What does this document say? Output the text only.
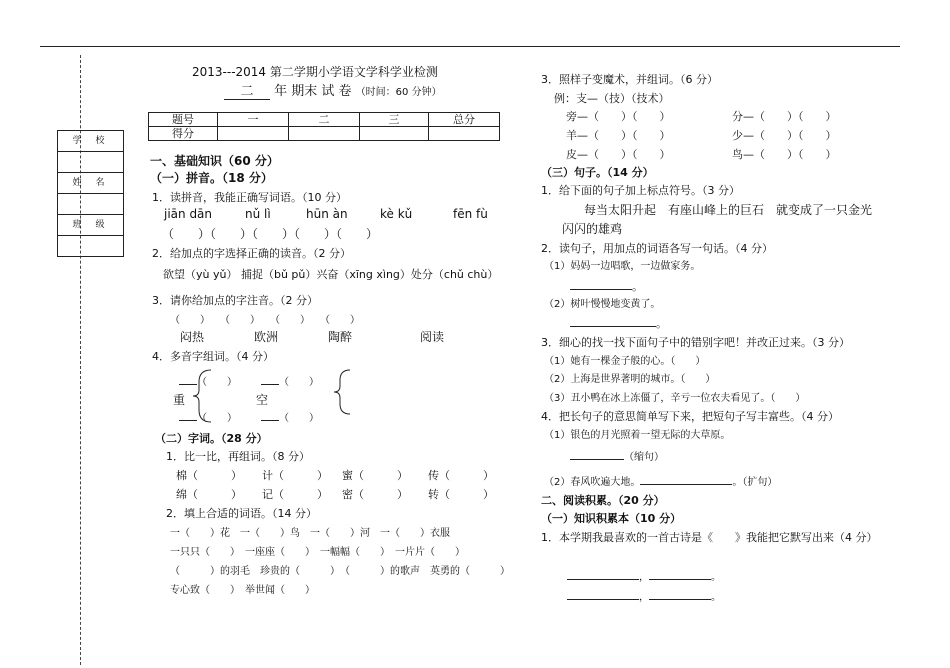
学校
姓名
班级
2013---2014 第二学期小学语文学科学业检测
二 年 期末 试 卷 （时间：60 分钟）
题号	一	二	三	总分
得分				
一、基础知识（60 分）
（一）拼音。（18 分）
1．读拼音，我能正确写词语。（10 分）
jiān dān	nǔ lì	hūn àn	kè kǔ	fēn fù
（　　）（　　）（　　）（　　）（　　）
2．给加点的字选择正确的读音。（2 分）
欲望（yù yǔ） 捕捉（bǔ pǔ）兴奋（xīng xìng）处分（chǔ chù）
3．请你给加点的字注音。（2 分）
（　　）　　（　　）　　（　　）　　（　　）
闷热	欧洲	陶醉	阅读
4．多音字组词。（4 分）
重	空
（　　）
（　　）
（　　）
（　　）
（二）字词。（28 分）
1．比一比，再组词。（8 分）
棉（　　　） 计（　　　） 蜜（　　　） 传（　　　）
绵（　　　） 记（　　　） 密（　　　） 转（　　　）
2．填上合适的词语。（14 分）
一（　　）花　一（　　）鸟　一（　　）河　一（　　）衣服
一只只（　　）　一座座（　　）　一幅幅（　　）　一片片（　　）
（　　　）的羽毛　珍贵的（　　　）　（　　　）的歌声　英勇的（　　　）
专心致（　　）　举世闻（　　）
3．照样子变魔术，并组词。（6 分）
例：支—（技）（技术）
旁—（　　）（　　）	分—（　　）（　　）
羊—（　　）（　　）	少—（　　）（　　）
皮—（　　）（　　）	鸟—（　　）（　　）
（三）句子。（14 分）
1．给下面的句子加上标点符号。（3 分）
每当太阳升起　有座山峰上的巨石　就变成了一只金光
闪闪的雄鸡
2．读句子，用加点的词语各写一句话。（4 分）
（1）妈妈一边唱歌，一边做家务。
。
（2）树叶慢慢地变黄了。
。
3．细心的找一找下面句子中的错别字吧！并改正过来。（3 分）
（1）她有一棵金子般的心。（　　）
（2）上海是世界著明的城市。（　　）
（3）丑小鸭在冰上冻僵了，辛亏一位农夫看见了。（　　）
4．把长句子的意思简单写下来，把短句子写丰富些。（4 分）
（1）银色的月光照着一望无际的大草原。
（缩句）
（2）春风吹遍大地。	。（扩句）
二、阅读积累。（20 分）
（一）知识积累本（10 分）
1．本学期我最喜欢的一首古诗是《　　》我能把它默写出来（4 分）
，	。
，	。
